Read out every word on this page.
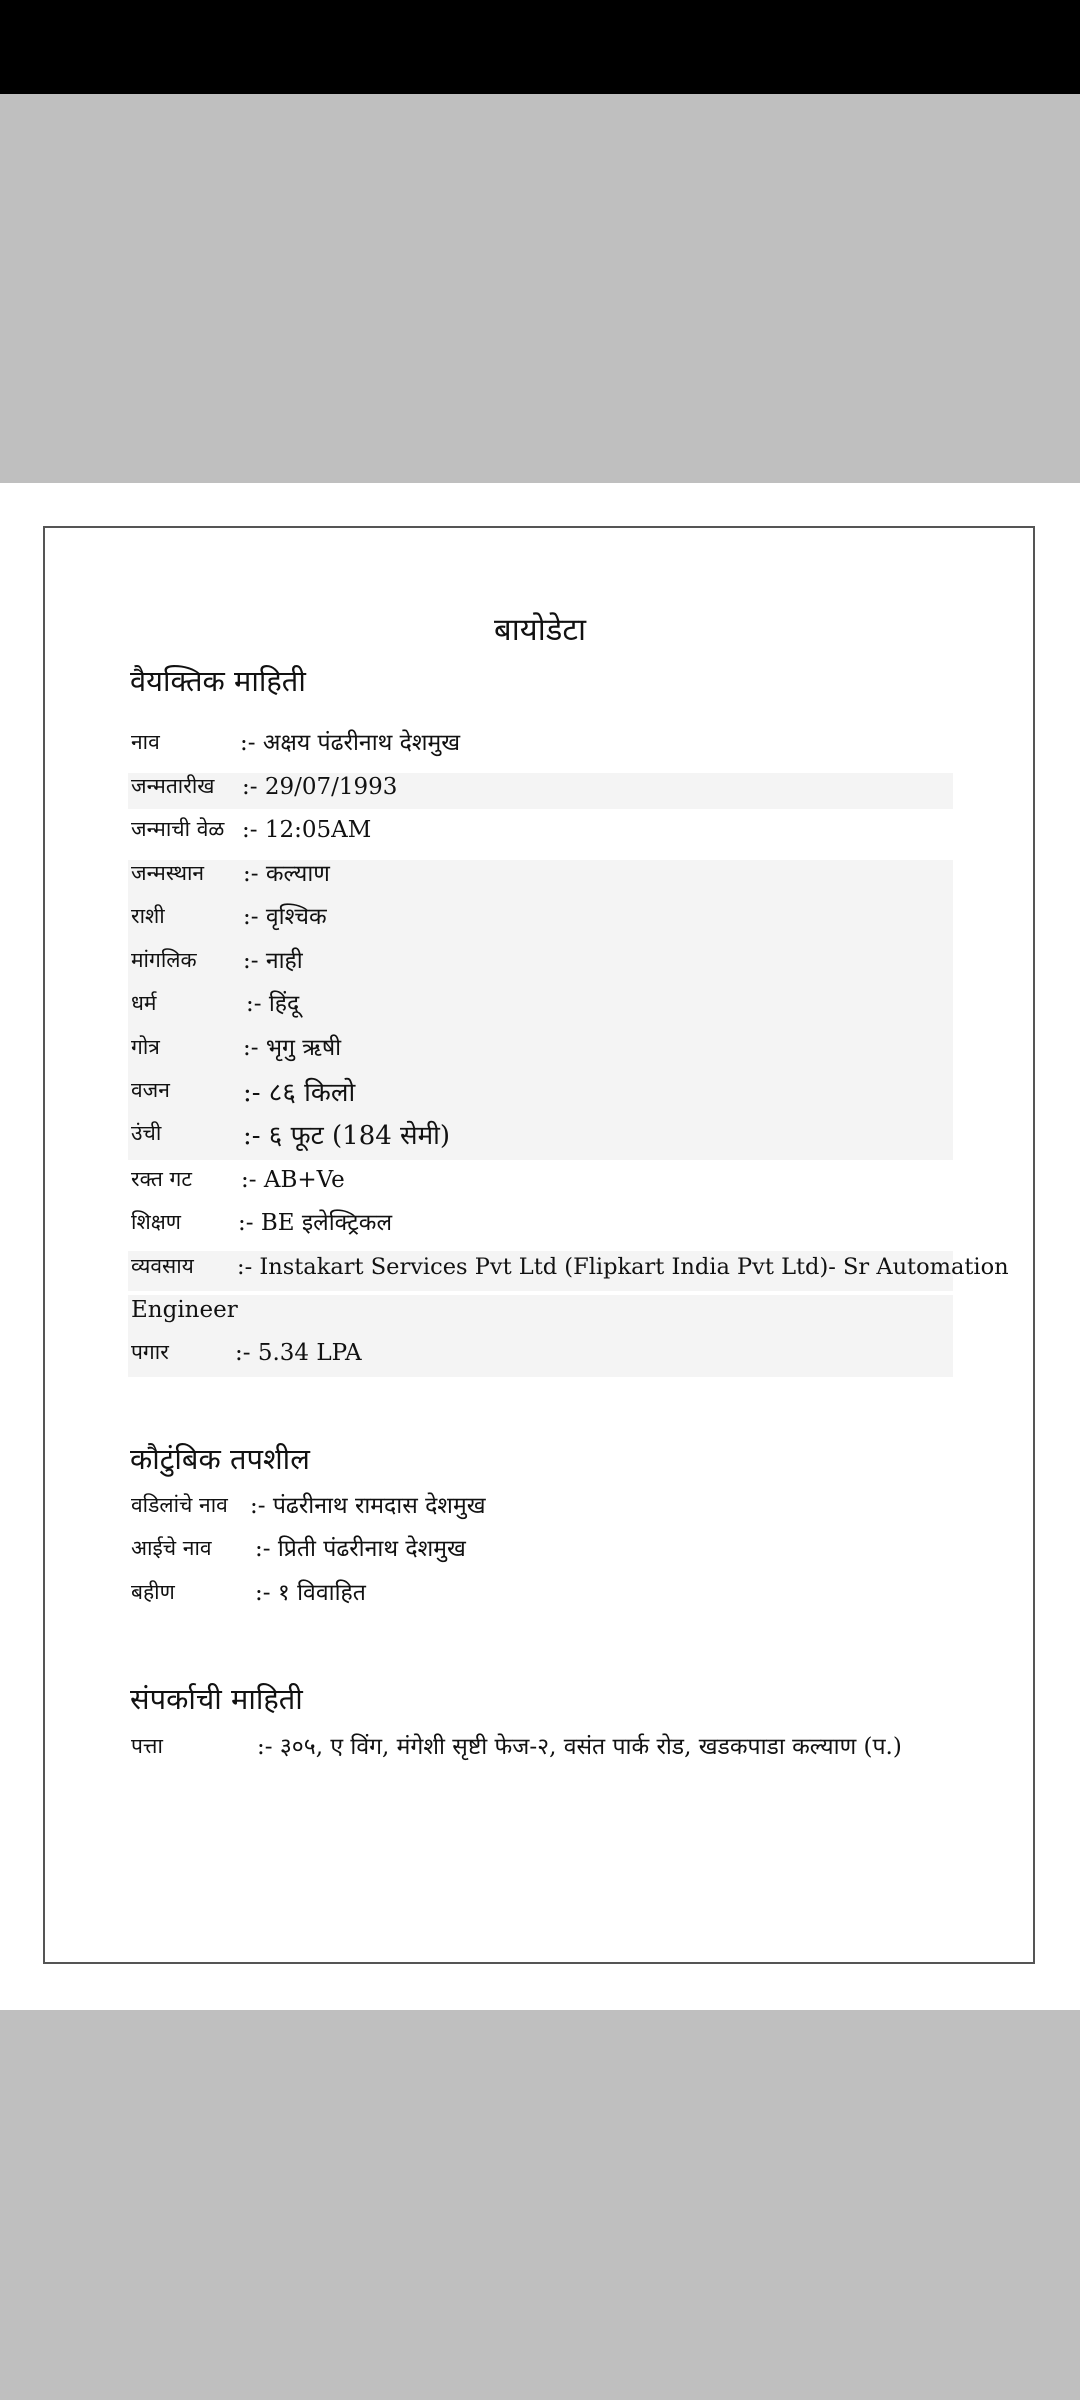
बायोडेटा
वैयक्तिक माहिती
नाव	:- अक्षय पंढरीनाथ देशमुख
जन्मतारीख :- 29/07/1993
जन्माची वेळ :- 12:05AM
जन्मस्थान :- कल्याण
राशी	:- वृश्चिक
मांगलिक :- नाही
धर्म	:- हिंदू
गोत्र	:- भृगु ऋषी
वजन	:- ८६ किलो
उंची	:- ६ फूट (184 सेमी)
रक्त गट :- AB+Ve
शिक्षण :- BE इलेक्ट्रिकल
व्यवसाय :- Instakart Services Pvt Ltd (Flipkart India Pvt Ltd)- Sr Automation
Engineer
पगार	:- 5.34 LPA
कौटुंबिक तपशील
वडिलांचे नाव :- पंढरीनाथ रामदास देशमुख
आईचे नाव :- प्रिती पंढरीनाथ देशमुख
बहीण	:- १ विवाहित
संपर्काची माहिती
पत्ता	:- ३०५, ए विंग, मंगेशी सृष्टी फेज-२, वसंत पार्क रोड, खडकपाडा कल्याण (प.)
